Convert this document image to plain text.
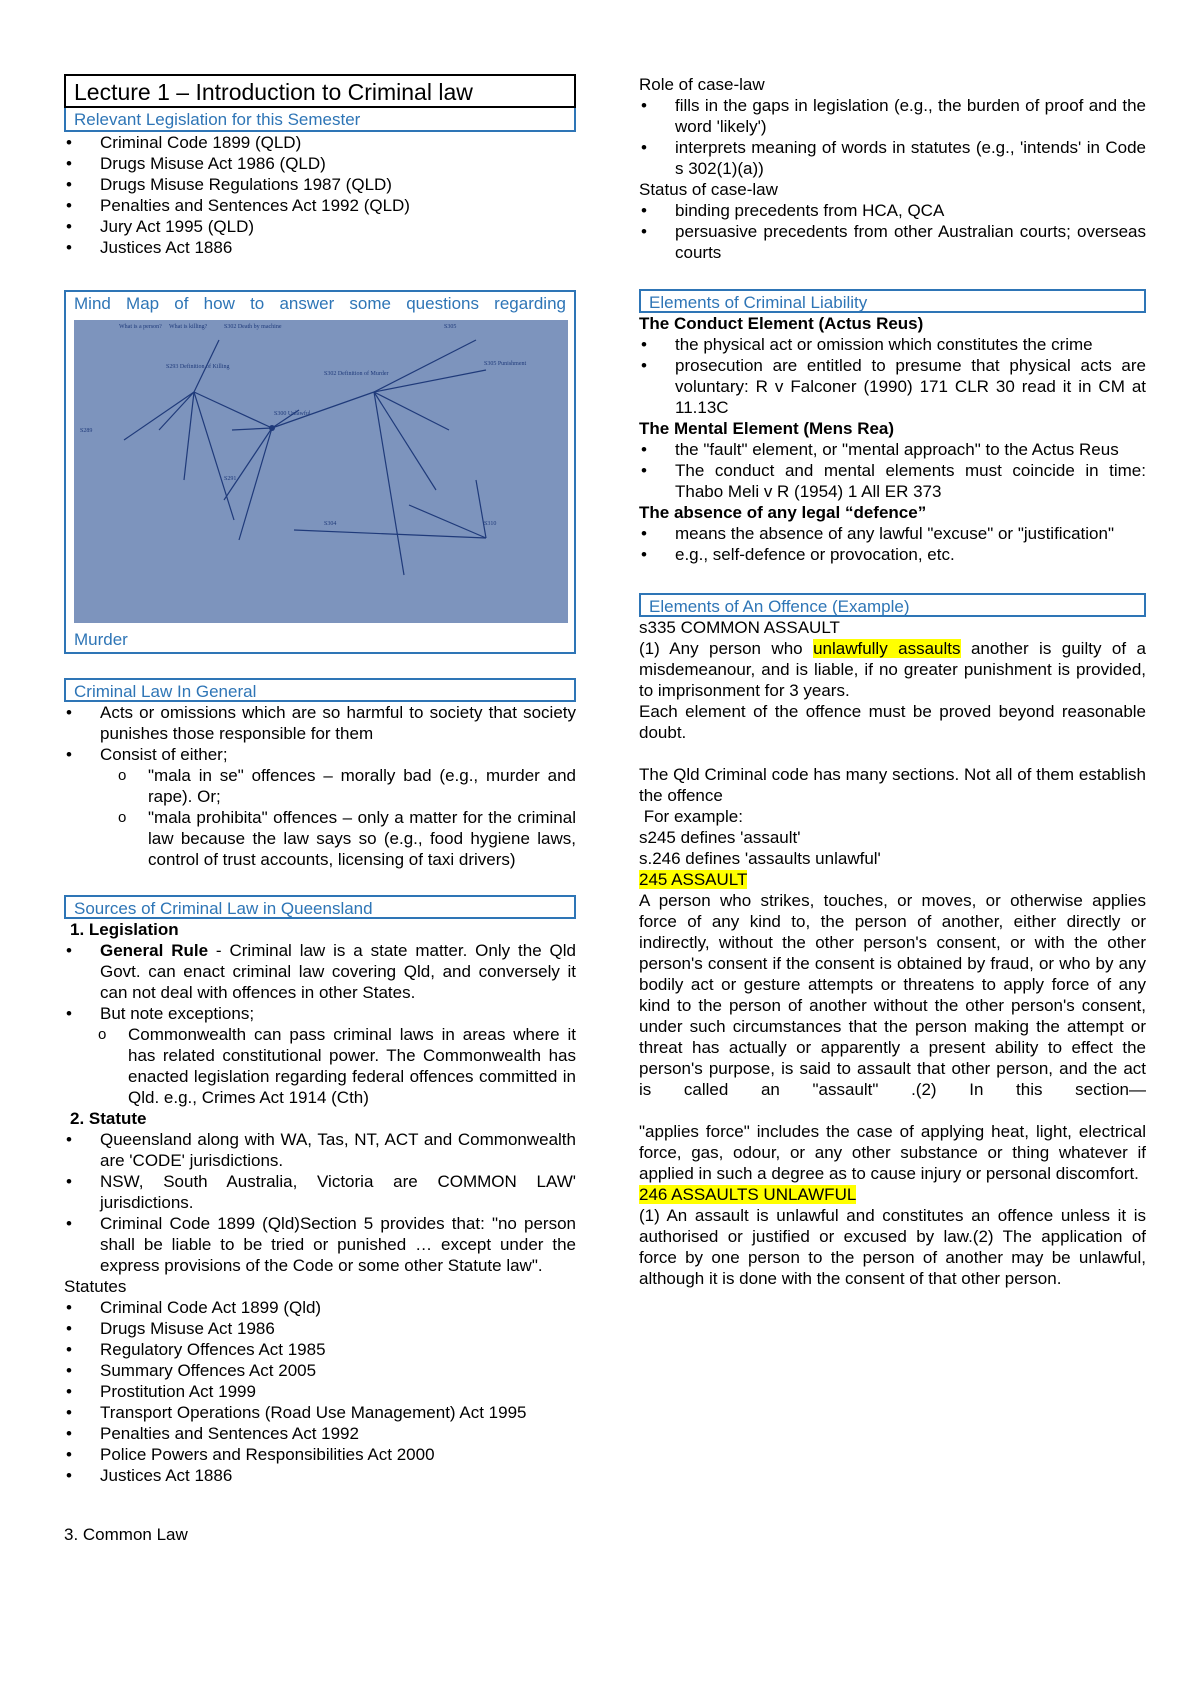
Lecture 1 – Introduction to Criminal law
Relevant Legislation for this Semester
• Criminal Code 1899 (QLD)
• Drugs Misuse Act 1986 (QLD)
• Drugs Misuse Regulations 1987 (QLD)
• Penalties and Sentences Act 1992 (QLD)
• Jury Act 1995 (QLD)
• Justices Act 1886
Mind Map of how to answer some questions regarding
What is a person? What is killing?	S302 Death by machine
S293 Definition of Killing
S300 Unlawful
S302 Definition of Murder
S305 Punishment
S289
S291
S304
S305
S310
Murder
Criminal Law In General
• Acts or omissions which are so harmful to society that society punishes those responsible for them
• Consist of either;
o "mala in se" offences – morally bad (e.g., murder and rape). Or;
o "mala prohibita" offences – only a matter for the criminal law because the law says so (e.g., food hygiene laws, control of trust accounts, licensing of taxi drivers)
Sources of Criminal Law in Queensland
1. Legislation
• General Rule - Criminal law is a state matter. Only the Qld Govt. can enact criminal law covering Qld, and conversely it can not deal with offences in other States.
• But note exceptions;
o Commonwealth can pass criminal laws in areas where it has related constitutional power. The Commonwealth has enacted legislation regarding federal offences committed in Qld. e.g., Crimes Act 1914 (Cth)
2. Statute
• Queensland along with WA, Tas, NT, ACT and Commonwealth are 'CODE' jurisdictions.
• NSW, South Australia, Victoria are COMMON LAW' jurisdictions.
• Criminal Code 1899 (Qld)Section 5 provides that: "no person shall be liable to be tried or punished … except under the express provisions of the Code or some other Statute law".
Statutes
• Criminal Code Act 1899 (Qld)
• Drugs Misuse Act 1986
• Regulatory Offences Act 1985
• Summary Offences Act 2005
• Prostitution Act 1999
• Transport Operations (Road Use Management) Act 1995
• Penalties and Sentences Act 1992
• Police Powers and Responsibilities Act 2000
• Justices Act 1886
3. Common Law
Role of case-law
• fills in the gaps in legislation (e.g., the burden of proof and the word 'likely')
• interprets meaning of words in statutes (e.g., 'intends' in Code s 302(1)(a))
Status of case-law
• binding precedents from HCA, QCA
• persuasive precedents from other Australian courts; overseas courts
Elements of Criminal Liability
The Conduct Element (Actus Reus)
• the physical act or omission which constitutes the crime
• prosecution are entitled to presume that physical acts are voluntary: R v Falconer (1990) 171 CLR 30 read it in CM at 11.13C
The Mental Element (Mens Rea)
• the "fault" element, or "mental approach" to the Actus Reus
• The conduct and mental elements must coincide in time: Thabo Meli v R (1954) 1 All ER 373
The absence of any legal “defence”
• means the absence of any lawful "excuse" or "justification"
• e.g., self-defence or provocation, etc.
Elements of An Offence (Example)
s335 COMMON ASSAULT
(1) Any person who unlawfully assaults another is guilty of a misdemeanour, and is liable, if no greater punishment is provided, to imprisonment for 3 years.
Each element of the offence must be proved beyond reasonable doubt.
The Qld Criminal code has many sections. Not all of them establish the offence
For example:
s245 defines 'assault'
s.246 defines 'assaults unlawful'
245 ASSAULT
A person who strikes, touches, or moves, or otherwise applies force of any kind to, the person of another, either directly or indirectly, without the other person's consent, or with the other person's consent if the consent is obtained by fraud, or who by any bodily act or gesture attempts or threatens to apply force of any kind to the person of another without the other person's consent, under such circumstances that the person making the attempt or threat has actually or apparently a present ability to effect the person's purpose, is said to assault that other person, and the act is called an "assault" .(2) In this section—
"applies force" includes the case of applying heat, light, electrical force, gas, odour, or any other substance or thing whatever if applied in such a degree as to cause injury or personal discomfort.
246 ASSAULTS UNLAWFUL
(1) An assault is unlawful and constitutes an offence unless it is authorised or justified or excused by law.(2) The application of force by one person to the person of another may be unlawful, although it is done with the consent of that other person.
